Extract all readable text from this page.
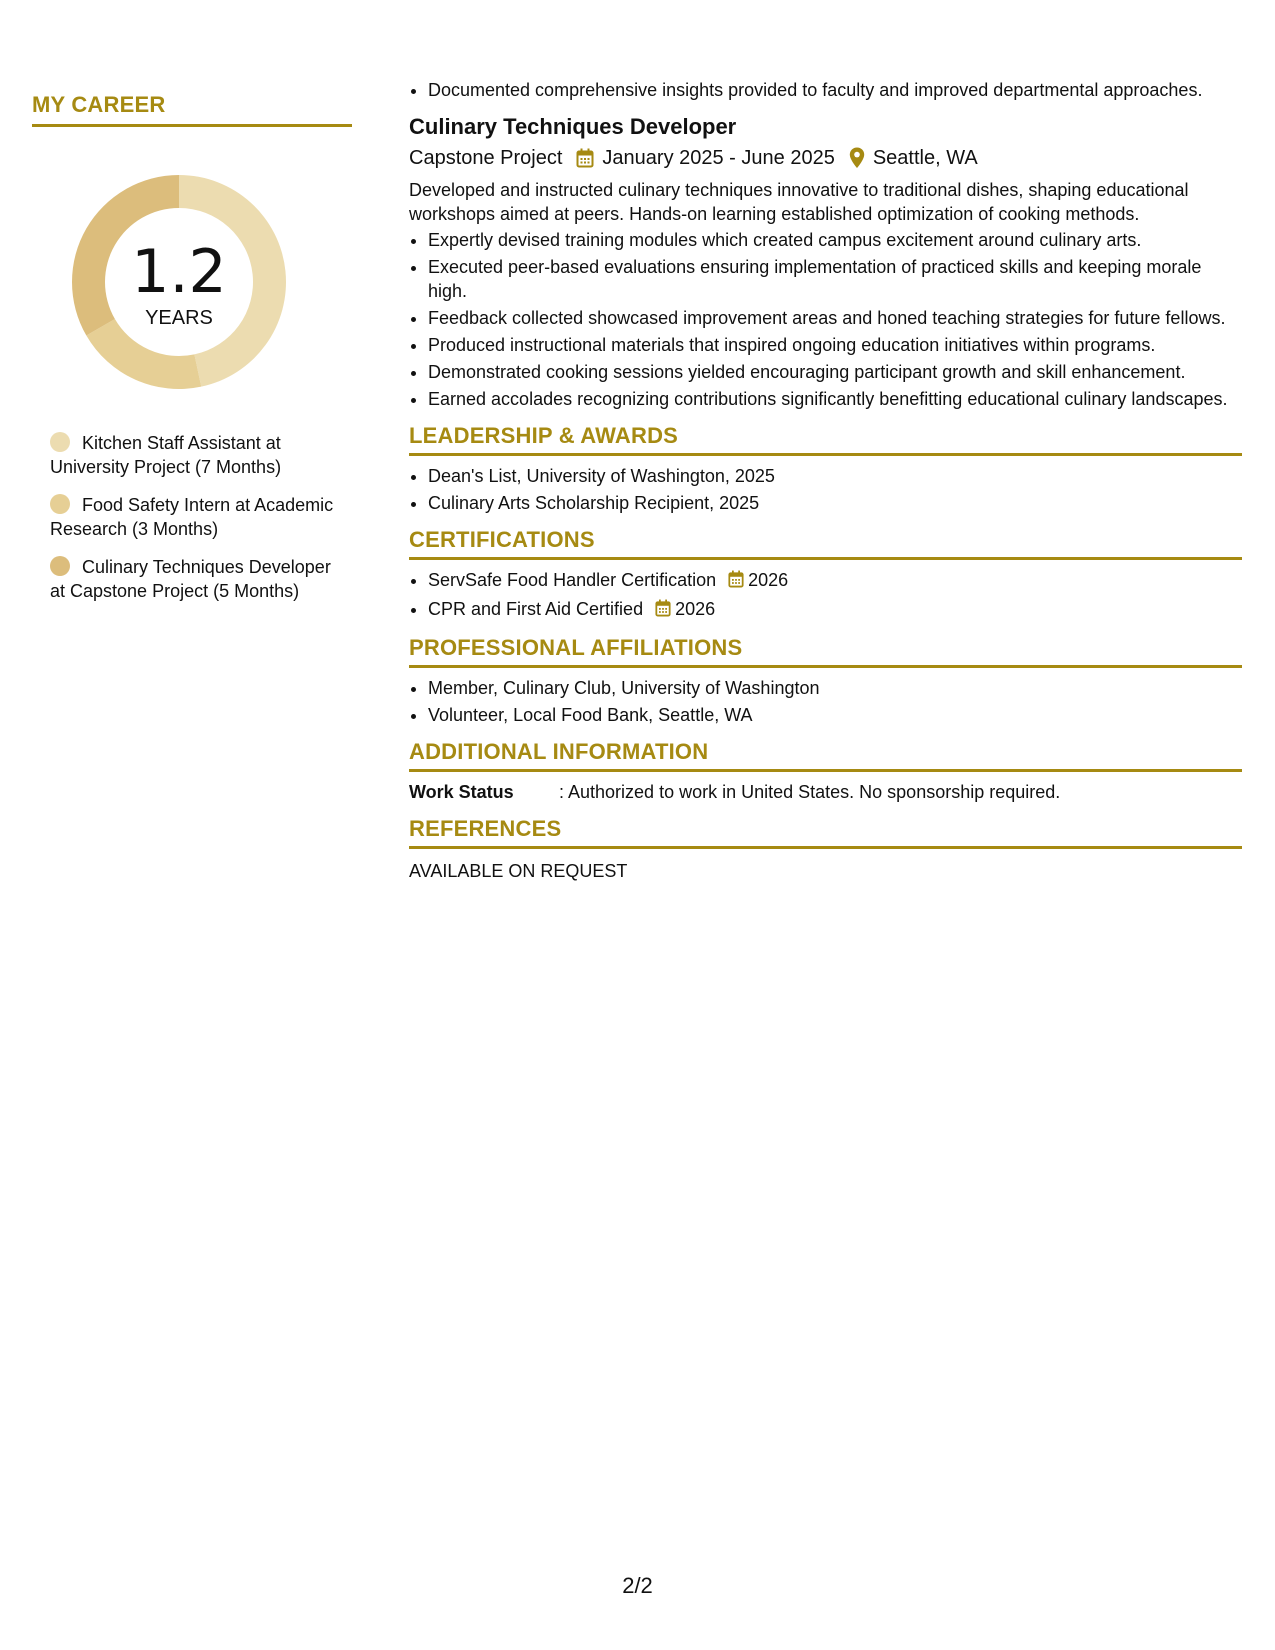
MY CAREER
1.2
YEARS
Kitchen Staff Assistant at University Project (7 Months)
Food Safety Intern at Academic Research (3 Months)
Culinary Techniques Developer at Capstone Project (5 Months)
• Documented comprehensive insights provided to faculty and improved departmental approaches.
Culinary Techniques Developer
Capstone Project January 2025 - June 2025 Seattle, WA

Developed and instructed culinary techniques innovative to traditional dishes, shaping educational workshops aimed at peers. Hands-on learning established optimization of cooking methods.

• Expertly devised training modules which created campus excitement around culinary arts.
• Executed peer-based evaluations ensuring implementation of practiced skills and keeping morale high.
• Feedback collected showcased improvement areas and honed teaching strategies for future fellows.
• Produced instructional materials that inspired ongoing education initiatives within programs.
• Demonstrated cooking sessions yielded encouraging participant growth and skill enhancement.
• Earned accolades recognizing contributions significantly benefitting educational culinary landscapes.
LEADERSHIP & AWARDS
• Dean's List, University of Washington, 2025
• Culinary Arts Scholarship Recipient, 2025
CERTIFICATIONS
• ServSafe Food Handler Certification 2026
• CPR and First Aid Certified 2026
PROFESSIONAL AFFILIATIONS
• Member, Culinary Club, University of Washington
• Volunteer, Local Food Bank, Seattle, WA
ADDITIONAL INFORMATION
Work Status	: Authorized to work in United States. No sponsorship required.
REFERENCES
AVAILABLE ON REQUEST
2/2
